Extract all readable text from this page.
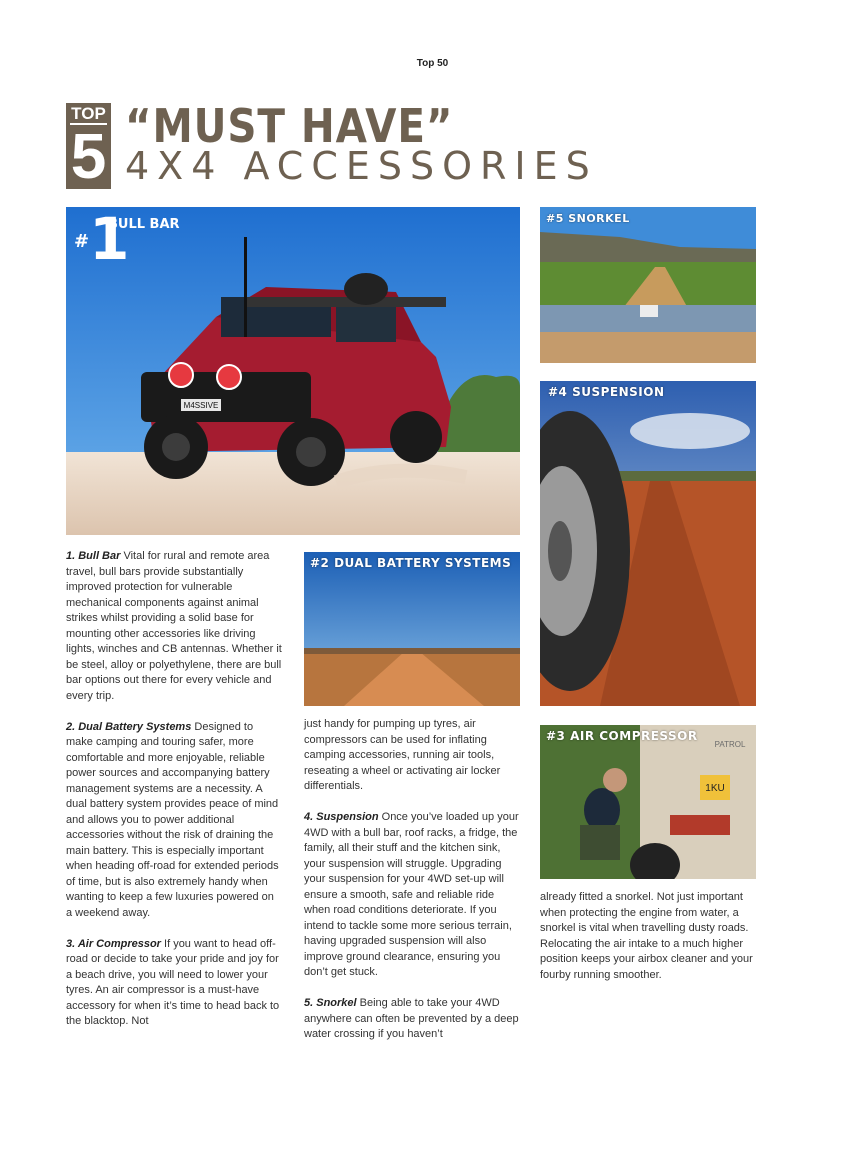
Top 50
TOP
5 “MUST HAVE”
4X4 ACCESSORIES
M4SSIVE
#1
BULL BAR	#5 SNORKEL
#4 SUSPENSION
#2 DUAL BATTERY SYSTEMS
1KU
PATROL
#3 AIR COMPRESSOR

1. Bull Bar Vital for rural and remote area travel, bull bars provide substantially improved protection for vulnerable mechanical components against animal strikes whilst providing a solid base for mounting other accessories like driving lights, winches and CB antennas. Whether it be steel, alloy or polyethylene, there are bull bar options out there for every vehicle and every trip.

2. Dual Battery Systems Designed to make camping and touring safer, more comfortable and more enjoyable, reliable power sources and accompanying battery management systems are a necessity. A dual battery system provides peace of mind and allows you to power additional accessories without the risk of draining the main battery. This is especially important when heading off-road for extended periods of time, but is also extremely handy when wanting to keep a few luxuries powered on a weekend away.

3. Air Compressor If you want to head off-road or decide to take your pride and joy for a beach drive, you will need to lower your tyres. An air compressor is a must-have accessory for when it’s time to head back to the blacktop. Not

just handy for pumping up tyres, air compressors can be used for inflating camping accessories, running air tools, reseating a wheel or activating air locker differentials.

4. Suspension Once you’ve loaded up your 4WD with a bull bar, roof racks, a fridge, the family, all their stuff and the kitchen sink, your suspension will struggle. Upgrading your suspension for your 4WD set-up will ensure a smooth, safe and reliable ride when road conditions deteriorate. If you intend to tackle some more serious terrain, having upgraded suspension will also improve ground clearance, ensuring you don’t get stuck.

5. Snorkel Being able to take your 4WD anywhere can often be prevented by a deep water crossing if you haven’t

already fitted a snorkel. Not just important when protecting the engine from water, a snorkel is vital when travelling dusty roads. Relocating the air intake to a much higher position keeps your airbox cleaner and your fourby running smoother.
